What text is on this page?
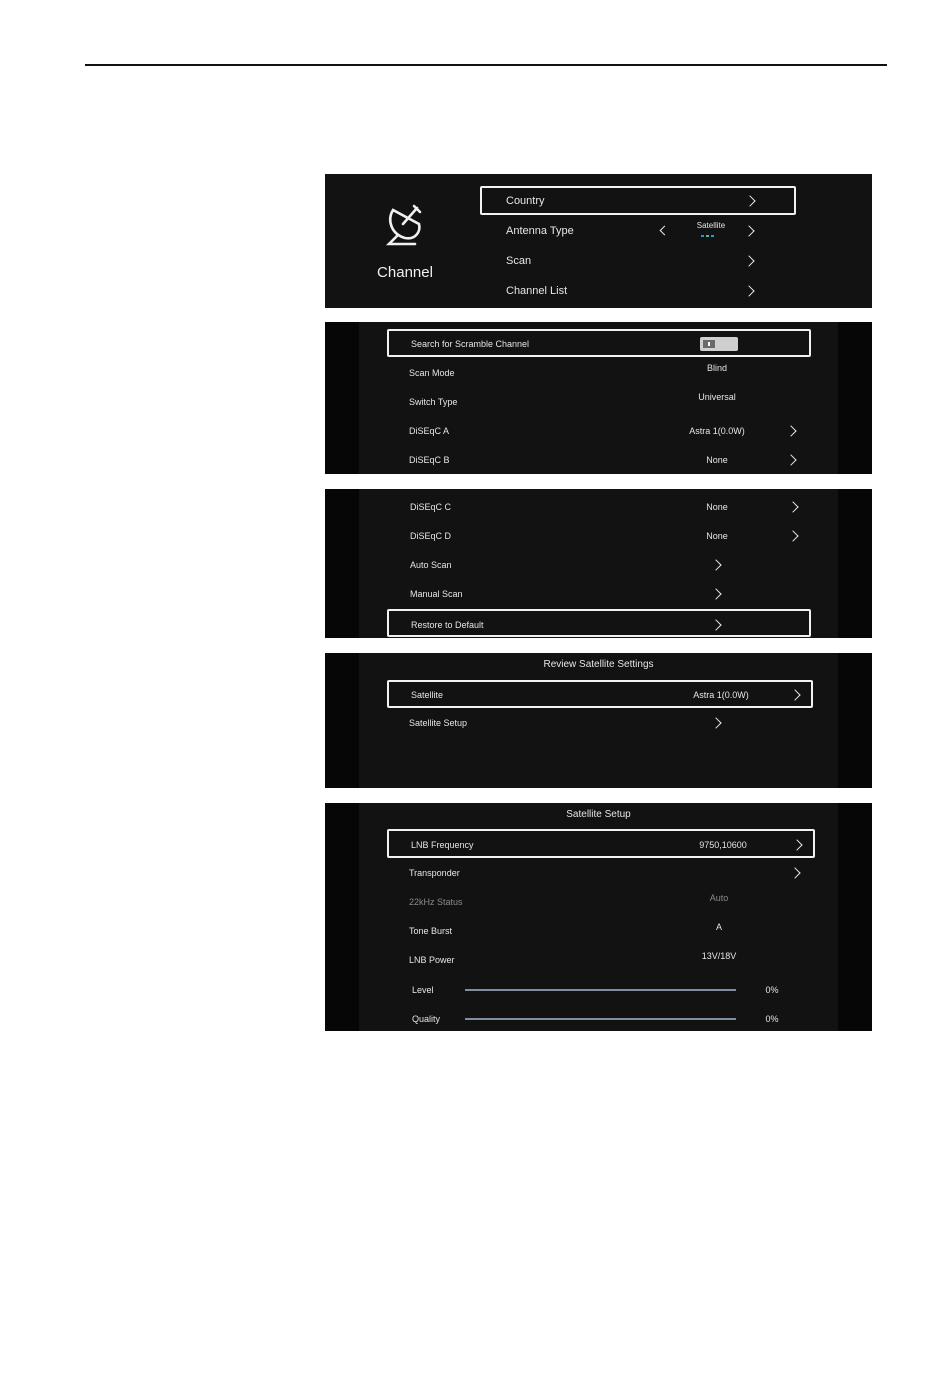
Channel
Country
Antenna Type	Satellite
Scan
Channel List
Search for Scramble Channel
Scan Mode	Blind
Switch Type	Universal
DiSEqC A	Astra 1(0.0W)
DiSEqC B	None
DiSEqC C	None
DiSEqC D	None
Auto Scan
Manual Scan
Restore to Default
Review Satellite Settings
Satellite	Astra 1(0.0W)
Satellite Setup
Satellite Setup
LNB Frequency	9750,10600
Transponder
22kHz Status	Auto
Tone Burst	A
LNB Power	13V/18V
Level	0%
Quality	0%
